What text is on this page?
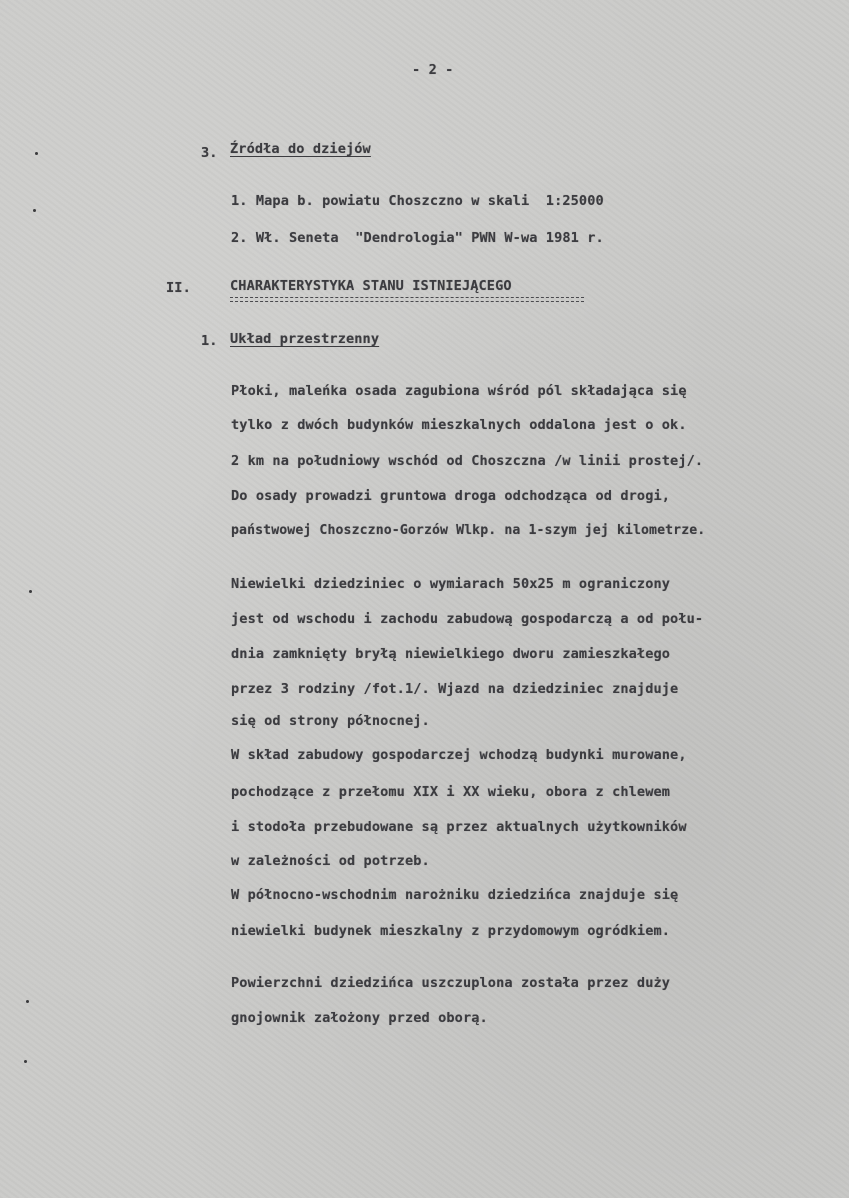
- 2 -
3. Źródła do dziejów
1. Mapa b. powiatu Choszczno w skali  1:25000
2. Wł. Seneta  "Dendrologia" PWN W-wa 1981 r.
II.	CHARAKTERYSTYKA STANU ISTNIEJĄCEGO
1. Układ przestrzenny
Płoki, maleńka osada zagubiona wśród pól składająca się
tylko z dwóch budynków mieszkalnych oddalona jest o ok.
2 km na południowy wschód od Choszczna /w linii prostej/.
Do osady prowadzi gruntowa droga odchodząca od drogi,
państwowej Choszczno-Gorzów Wlkp. na 1-szym jej kilometrze.
Niewielki dziedziniec o wymiarach 50x25 m ograniczony
jest od wschodu i zachodu zabudową gospodarczą a od połu-
dnia zamknięty bryłą niewielkiego dworu zamieszkałego
przez 3 rodziny /fot.1/. Wjazd na dziedziniec znajduje
się od strony północnej.
W skład zabudowy gospodarczej wchodzą budynki murowane,
pochodzące z przełomu XIX i XX wieku, obora z chlewem
i stodoła przebudowane są przez aktualnych użytkowników
w zależności od potrzeb.
W północno-wschodnim narożniku dziedzińca znajduje się
niewielki budynek mieszkalny z przydomowym ogródkiem.
Powierzchni dziedzińca uszczuplona została przez duży
gnojownik założony przed oborą.
